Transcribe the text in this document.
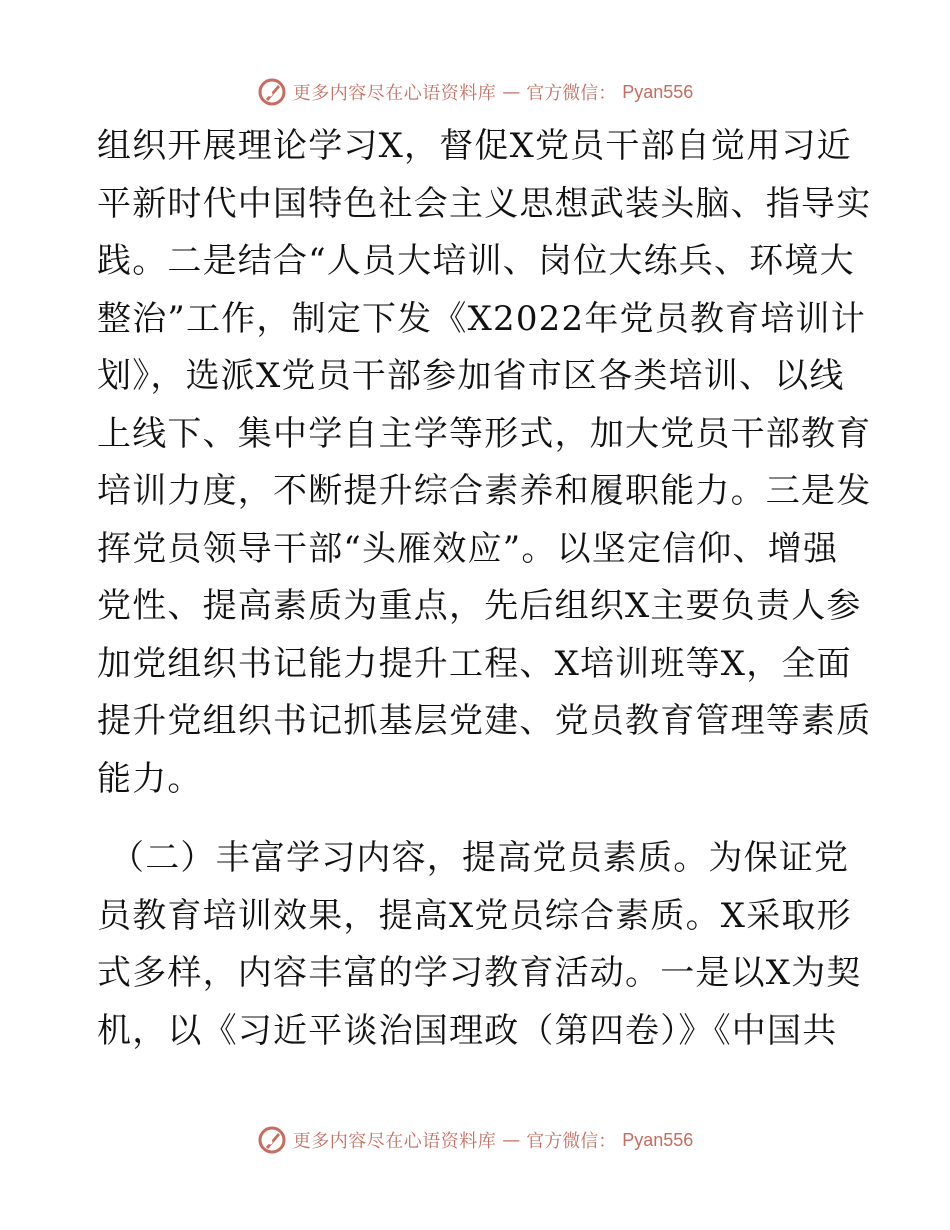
更多内容尽在心语资料库 — 官方微信： Pyan556
组织开展理论学习X，督促X党员干部自觉用习近
平新时代中国特色社会主义思想武装头脑、指导实
践。二是结合“人员大培训、岗位大练兵、环境大
整治”工作，制定下发《X2022年党员教育培训计
划》，选派X党员干部参加省市区各类培训、以线
上线下、集中学自主学等形式，加大党员干部教育
培训力度，不断提升综合素养和履职能力。三是发
挥党员领导干部“头雁效应”。以坚定信仰、增强
党性、提高素质为重点，先后组织X主要负责人参
加党组织书记能力提升工程、X培训班等X，全面
提升党组织书记抓基层党建、党员教育管理等素质
能力。
（二）丰富学习内容，提高党员素质。为保证党
员教育培训效果，提高X党员综合素质。X采取形
式多样，内容丰富的学习教育活动。一是以X为契
机，以《习近平谈治国理政（第四卷）》《中国共
更多内容尽在心语资料库 — 官方微信： Pyan556
